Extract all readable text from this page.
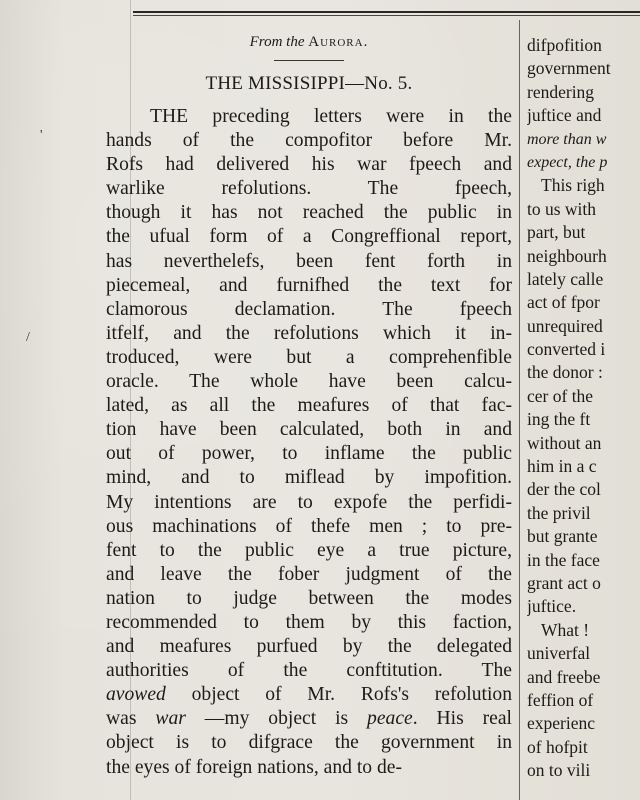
'
/
From the Aurora.
THE MISSISIPPI—No. 5.
THE preceding letters were in the
hands of the compofitor before Mr.
Rofs had delivered his war fpeech and
warlike refolutions. The fpeech,
though it has not reached the public in
the ufual form of a Congreffional report,
has neverthelefs, been fent forth in
piecemeal, and furnifhed the text for
clamorous declamation. The fpeech
itfelf, and the refolutions which it in-
troduced, were but a comprehenfible
oracle. The whole have been calcu-
lated, as all the meafures of that fac-
tion have been calculated, both in and
out of power, to inflame the public
mind, and to miflead by impofition.
My intentions are to expofe the perfidi-
ous machinations of thefe men ; to pre-
fent to the public eye a true picture,
and leave the fober judgment of the
nation to judge between the modes
recommended to them by this faction,
and meafures purfued by the delegated
authorities of the conftitution. The
avowed object of Mr. Rofs's refolution
was war —my object is peace. His real
object is to difgrace the government in
the eyes of foreign nations, and to de-
difpofition
government
rendering
juftice and
more than w
expect, the p
This righ
to us with
part, but
neighbourh
lately calle
act of fpor
unrequired
converted i
the donor :
cer of the
ing the ft
without an
him in a c
der the col
the privil
but grante
in the face
grant act o
juftice.
What !
univerfal
and freebe
feffion of
experienc
of hofpit
on to vili
